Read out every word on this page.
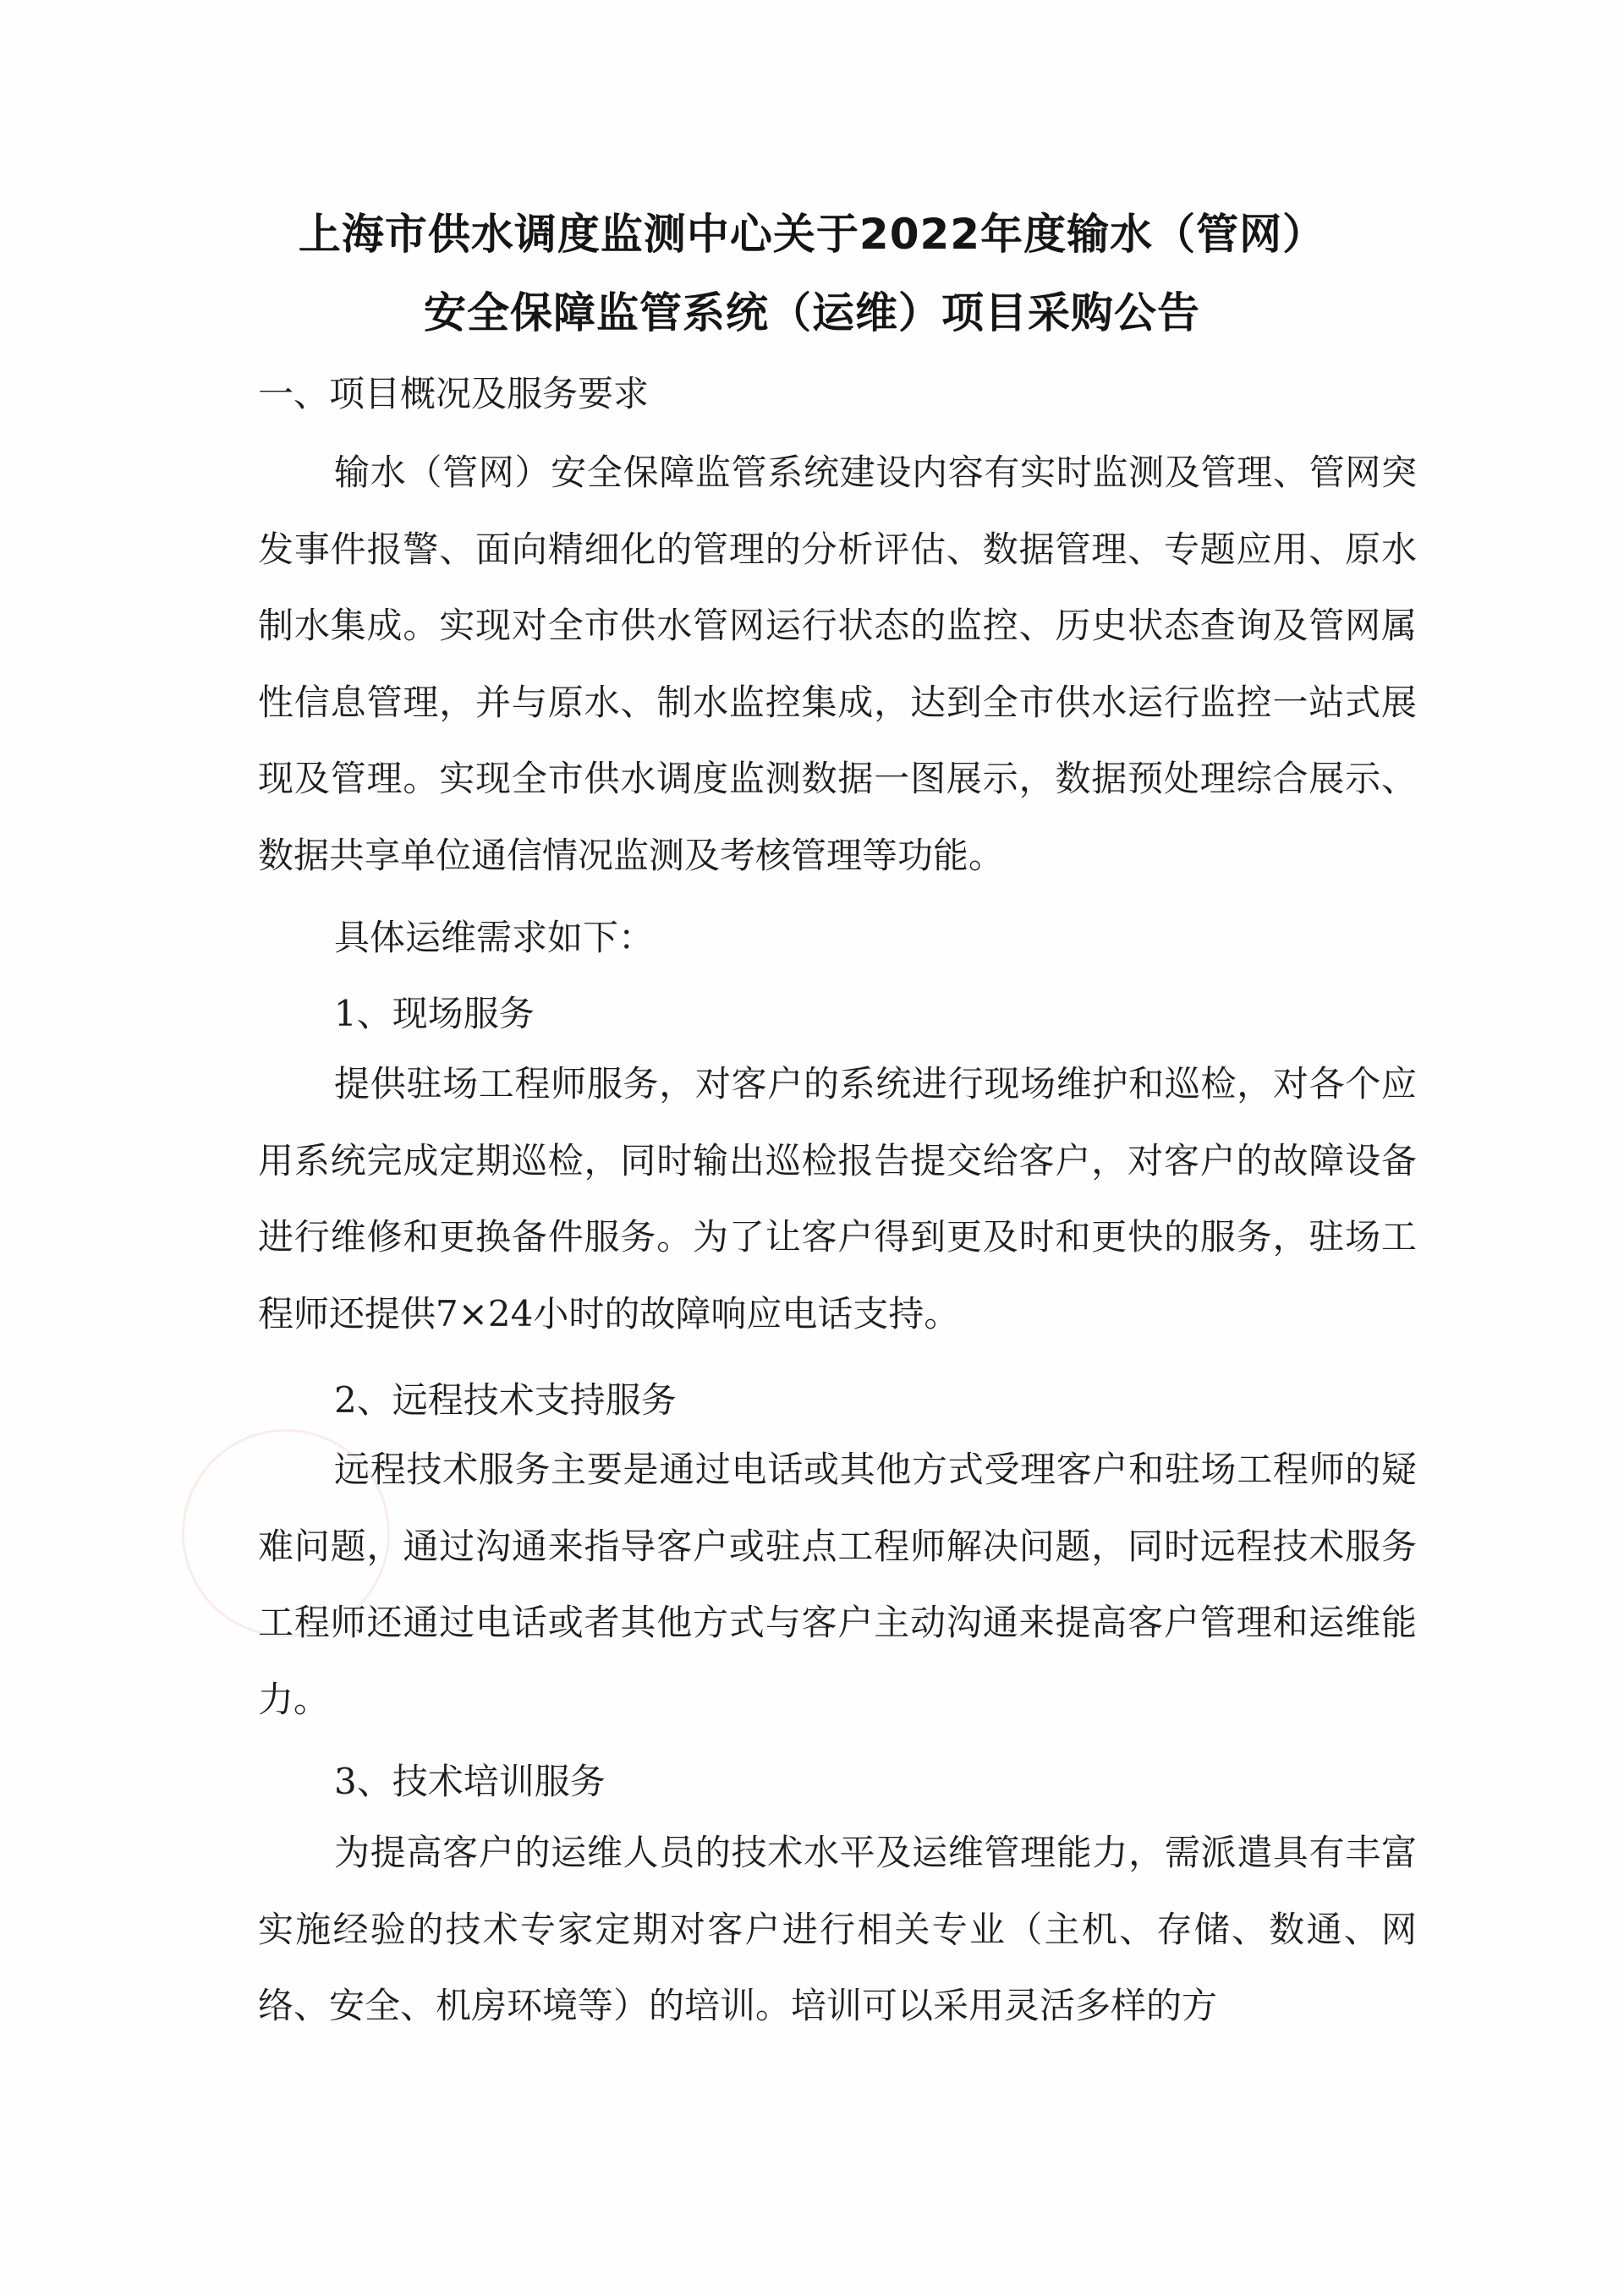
上海市供水调度监测中心关于2022年度输水（管网）
安全保障监管系统（运维）项目采购公告
一、项目概况及服务要求

输水（管网）安全保障监管系统建设内容有实时监测及管理、管网突发事件报警、面向精细化的管理的分析评估、数据管理、专题应用、原水制水集成。实现对全市供水管网运行状态的监控、历史状态查询及管网属性信息管理，并与原水、制水监控集成，达到全市供水运行监控一站式展现及管理。实现全市供水调度监测数据一图展示，数据预处理综合展示、数据共享单位通信情况监测及考核管理等功能。

具体运维需求如下：
1、现场服务

提供驻场工程师服务，对客户的系统进行现场维护和巡检，对各个应用系统完成定期巡检，同时输出巡检报告提交给客户，对客户的故障设备进行维修和更换备件服务。为了让客户得到更及时和更快的服务，驻场工程师还提供7×24小时的故障响应电话支持。

2、远程技术支持服务

远程技术服务主要是通过电话或其他方式受理客户和驻场工程师的疑难问题，通过沟通来指导客户或驻点工程师解决问题，同时远程技术服务工程师还通过电话或者其他方式与客户主动沟通来提高客户管理和运维能力。

3、技术培训服务

为提高客户的运维人员的技术水平及运维管理能力，需派遣具有丰富实施经验的技术专家定期对客户进行相关专业（主机、存储、数通、网络、安全、机房环境等）的培训。培训可以采用灵活多样的方
